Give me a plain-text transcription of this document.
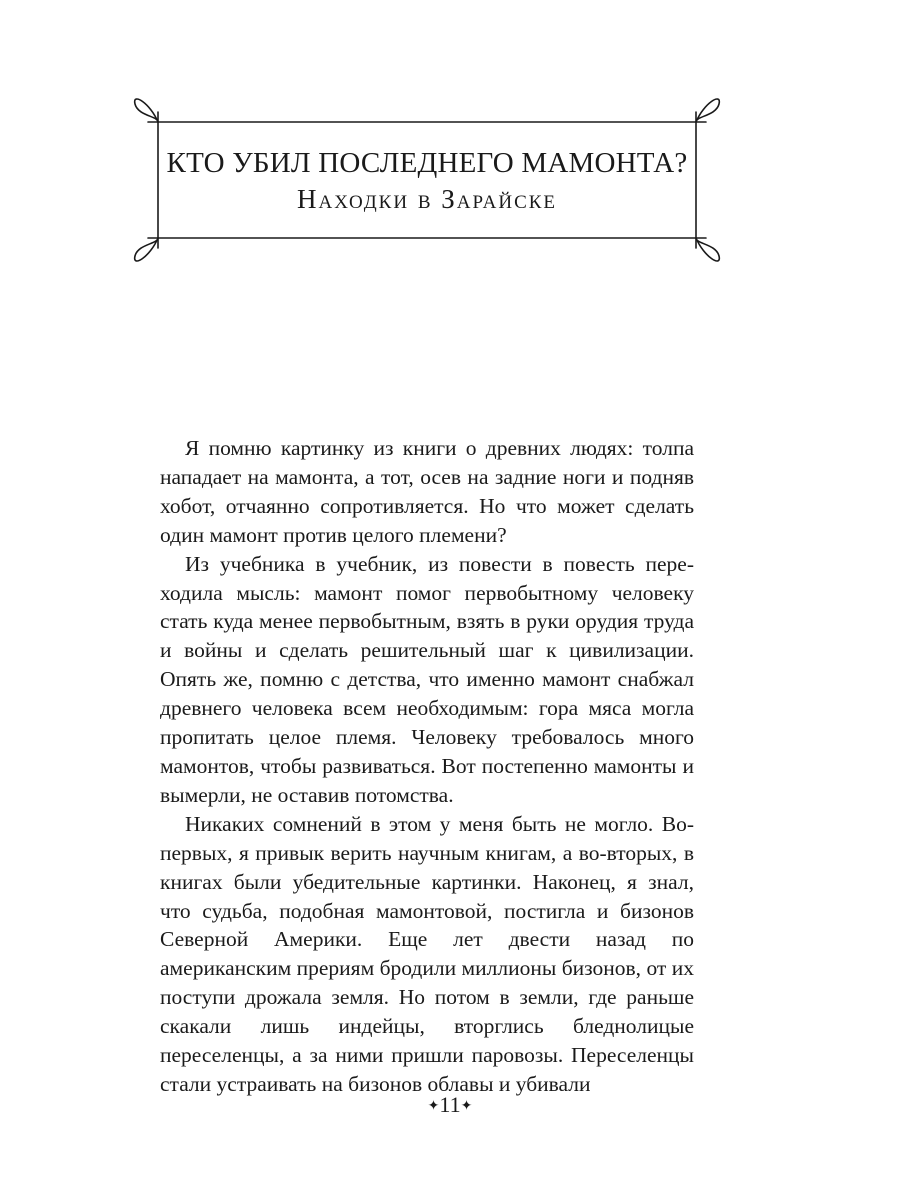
КТО УБИЛ ПОСЛЕДНЕГО МАМОНТА?
Находки в Зарайске

Я помню картинку из книги о древних людях: толпа нападает на мамонта, а тот, осев на задние ноги и подняв хобот, отчаянно сопротивляется. Но что может сделать один мамонт против целого племени?

Из учебника в учебник, из повести в повесть переходила мысль: мамонт помог первобытному человеку стать куда менее первобытным, взять в руки орудия труда и войны и сделать решительный шаг к цивилизации. Опять же, помню с детства, что именно мамонт снабжал древнего человека всем необходимым: гора мяса могла пропитать целое племя. Человеку требовалось много мамонтов, чтобы развиваться. Вот постепенно мамонты и вымерли, не оставив потомства.

Никаких сомнений в этом у меня быть не могло. Во-первых, я привык верить научным книгам, а во-вторых, в книгах были убедительные картинки. Наконец, я знал, что судьба, подобная мамонтовой, постигла и бизонов Северной Америки. Еще лет двести назад по американским прериям бродили миллионы бизонов, от их поступи дрожала земля. Но потом в земли, где раньше скакали лишь индейцы, вторглись бледнолицые переселенцы, а за ними пришли паровозы. Переселенцы стали устраивать на бизонов облавы и убивали

✦11✦
